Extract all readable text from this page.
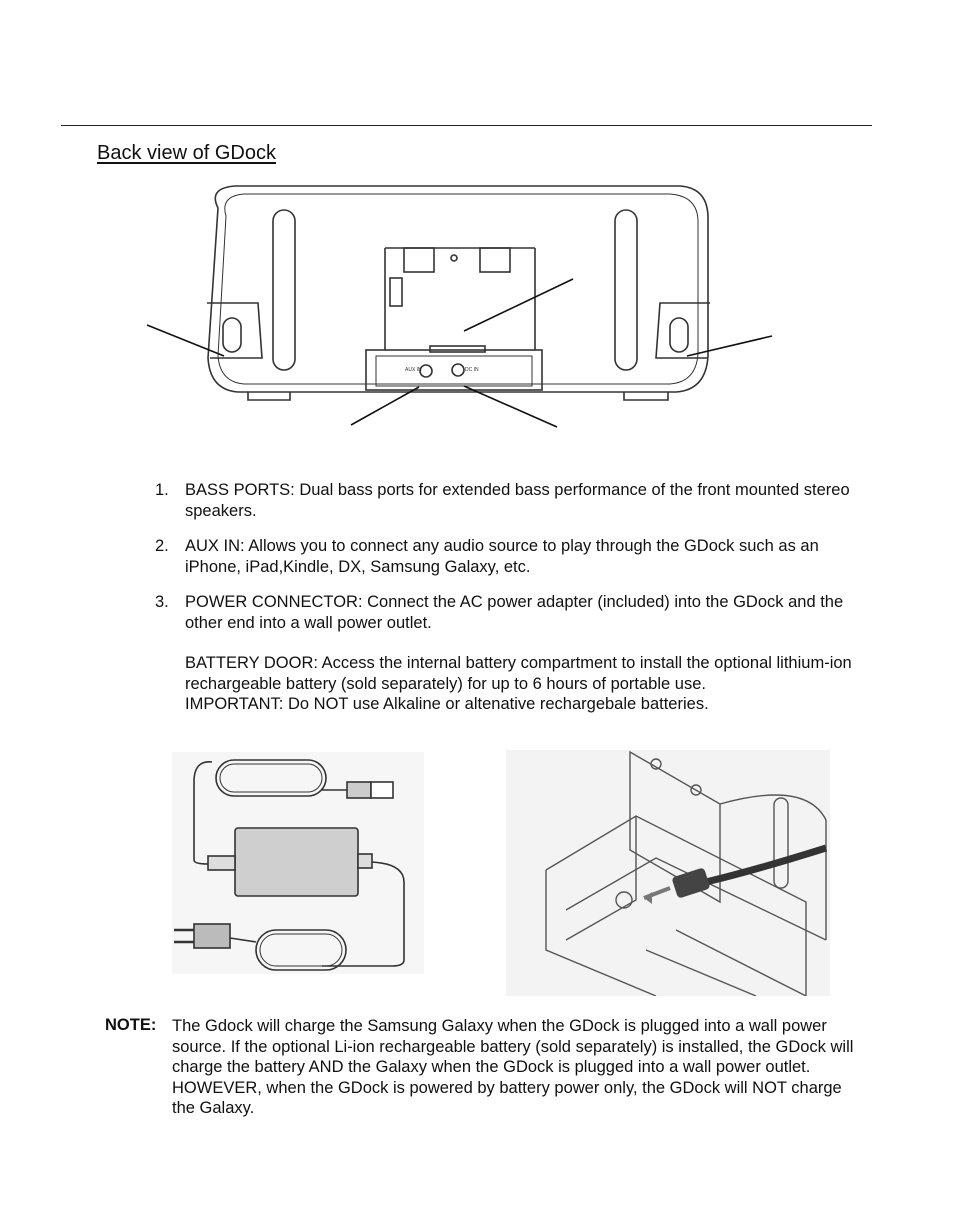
Back view of GDock
AUX IN	DC IN
1. BASS PORTS: Dual bass ports for extended bass performance of the front mounted stereo speakers.
2. AUX IN: Allows you to connect any audio source to play through the GDock such as an iPhone, iPad,Kindle, DX, Samsung Galaxy, etc.
3. POWER CONNECTOR: Connect the AC power adapter (included) into the GDock and the other end into a wall power outlet.
BATTERY DOOR: Access the internal battery compartment to install the optional lithium-ion rechargeable battery (sold separately) for up to 6 hours of portable use.
IMPORTANT: Do NOT use Alkaline or altenative rechargebale batteries.
NOTE: The Gdock will charge the Samsung Galaxy when the GDock is plugged into a wall power source. If the optional Li-ion rechargeable battery (sold separately) is installed, the GDock will charge the battery AND the Galaxy when the GDock is plugged into a wall power outlet. HOWEVER, when the GDock is powered by battery power only, the GDock will NOT charge the Galaxy.
